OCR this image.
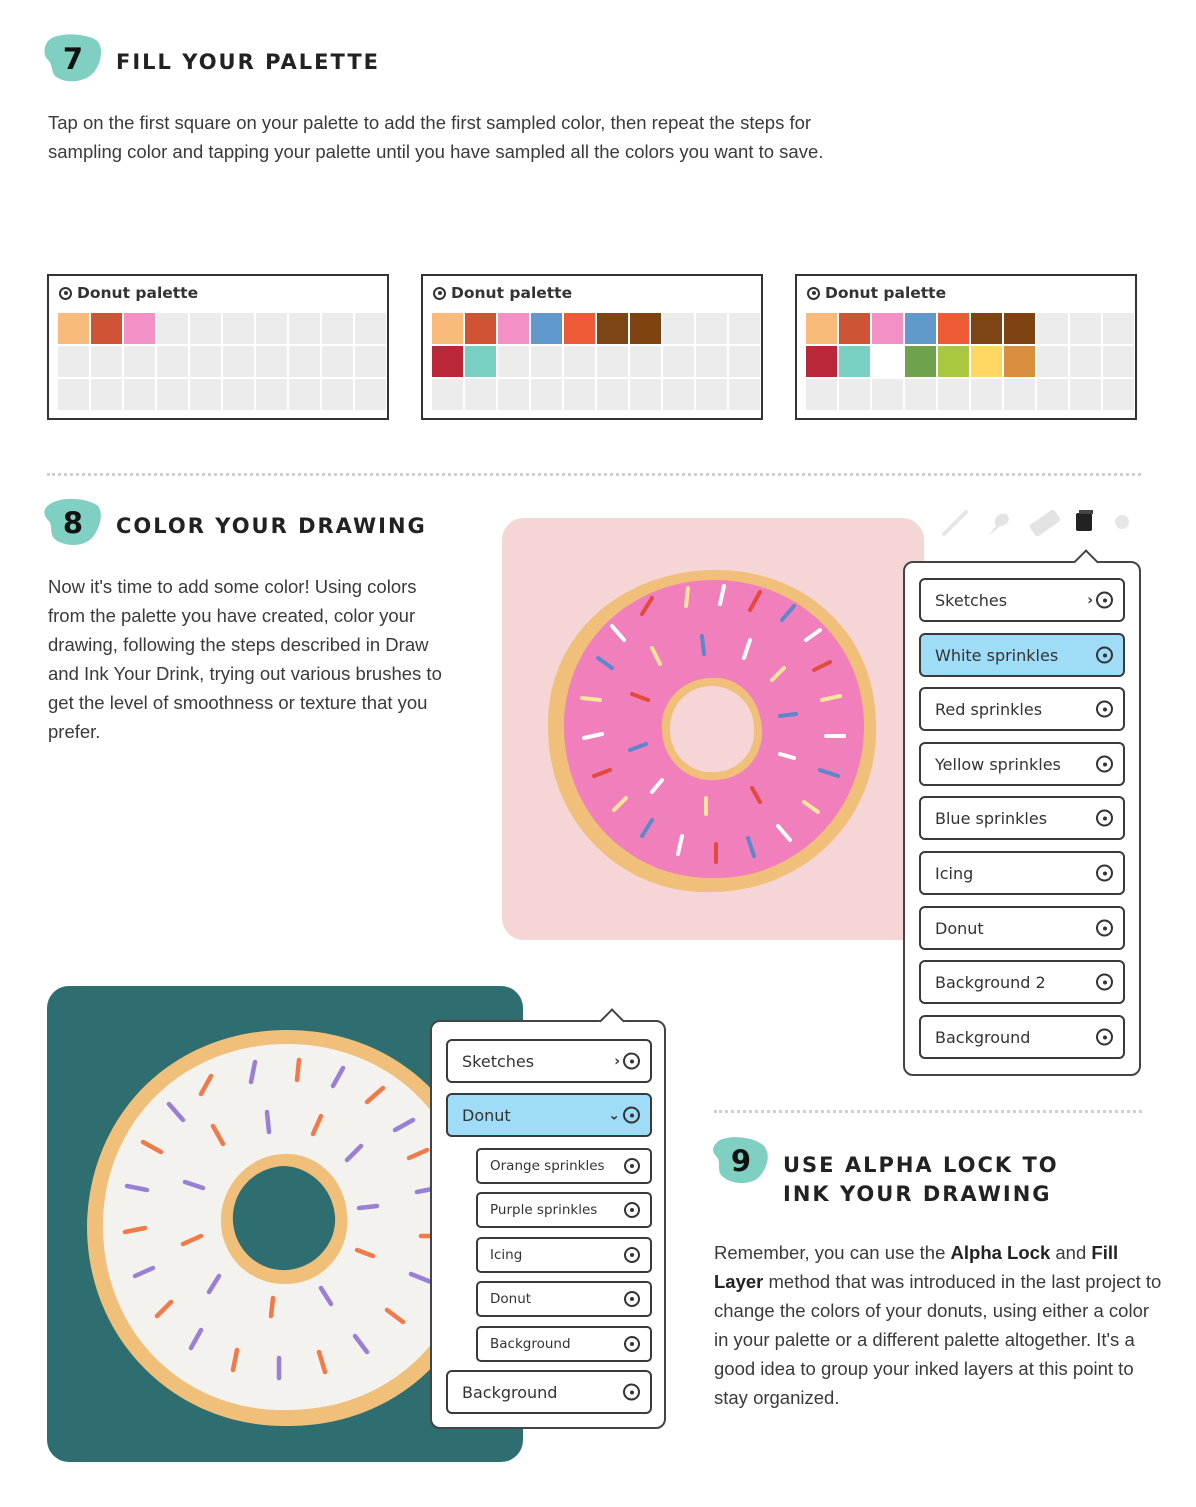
7	FILL YOUR PALETTE
Tap on the first square on your palette to add the first sampled color, then repeat the steps for sampling color and tapping your palette until you have sampled all the colors you want to save.
Donut palette	Donut palette	Donut palette
8	COLOR YOUR DRAWING
Now it's time to add some color! Using colors from the palette you have created, color your drawing, following the steps described in Draw and Ink Your Drink, trying out various brushes to get the level of smoothness or texture that you prefer.
Sketches	›
White sprinkles
Red sprinkles
Yellow sprinkles
Blue sprinkles
Icing
Donut
Background 2
Background
Sketches	›
Donut	⌄
Orange sprinkles
Purple sprinkles
Icing
Donut
Background
Background
9	USE ALPHA LOCK TO
INK YOUR DRAWING
Remember, you can use the Alpha Lock and Fill Layer method that was introduced in the last project to change the colors of your donuts, using either a color in your palette or a different palette altogether. It's a good idea to group your inked layers at this point to stay organized.
